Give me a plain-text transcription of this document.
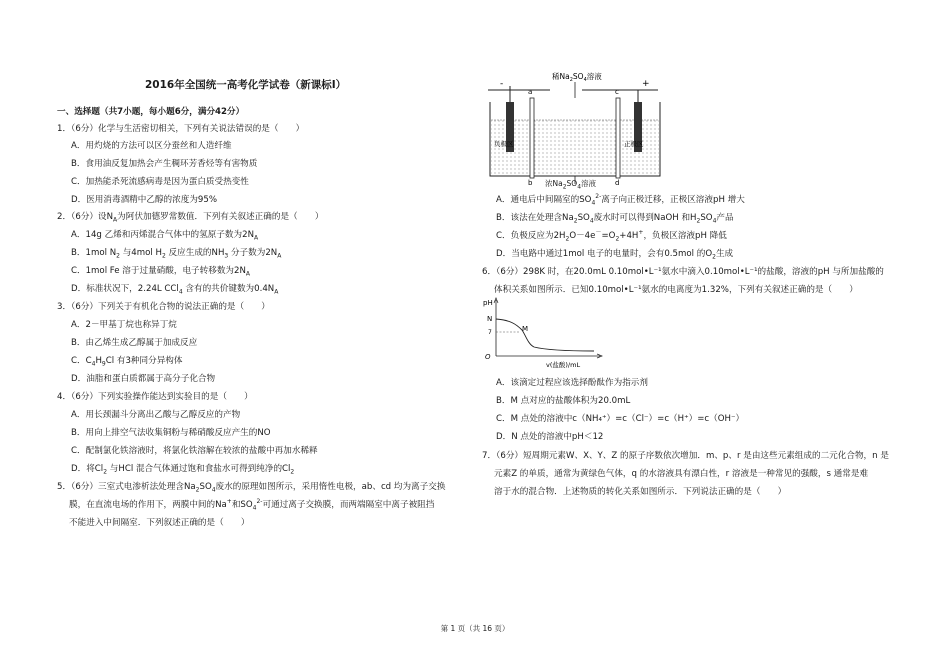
2016年全国统一高考化学试卷（新课标Ⅰ）
一、选择题（共7小题，每小题6分，满分42分）
1．（6分）化学与生活密切相关，下列有关说法错误的是（　　）
A．用灼烧的方法可以区分蚕丝和人造纤维
B．食用油反复加热会产生稠环芳香烃等有害物质
C．加热能杀死流感病毒是因为蛋白质受热变性
D．医用消毒酒精中乙醇的浓度为95%
2．（6分）设$N_A$为阿伏加德罗常数值．下列有关叙述正确的是（　　）
A．14g 乙烯和丙烯混合气体中的氢原子数为$2N_A$
B．1mol $N_2$ 与4mol $H_2$ 反应生成的$NH_3$ 分子数为$2N_A$
C．1mol Fe 溶于过量硝酸，电子转移数为$2N_A$
D．标准状况下，2.24L CCl$_4$ 含有的共价键数为$0.4N_A$
3．（6分）下列关于有机化合物的说法正确的是（　　）
A．2－甲基丁烷也称异丁烷
B．由乙烯生成乙醇属于加成反应
C．$C_4H_9Cl$ 有3种同分异构体
D．油脂和蛋白质都属于高分子化合物
4．（6分）下列实验操作能达到实验目的是（　　）
A．用长颈漏斗分离出乙酸与乙醇反应的产物
B．用向上排空气法收集铜粉与稀硝酸反应产生的NO
C．配制氯化铁溶液时，将氯化铁溶解在较浓的盐酸中再加水稀释
D．将$Cl_2$ 与HCl 混合气体通过饱和食盐水可得到纯净的$Cl_2$
5．（6分）三室式电渗析法处理含$Na_2SO_4$废水的原理如图所示，采用惰性电极，ab、cd 均为离子交换
膜，在直流电场的作用下，两膜中间的Na+和$SO_4^{2-}$可通过离子交换膜，而两端隔室中离子被阻挡
不能进入中间隔室．下列叙述正确的是（　　）
-	+
稀$Na_2SO_4$溶液
a	c
b	d
负极区	正极区
浓$Na_2SO_4$溶液
A．通电后中间隔室的$SO_4^{2-}$离子向正极迁移，正极区溶液pH 增大
B．该法在处理含$Na_2SO_4$废水时可以得到NaOH 和$H_2SO_4$产品
C．负极反应为$2H_2O-4e^-=O_2+4H^+$，负极区溶液pH 降低
D．当电路中通过1mol 电子的电量时，会有0.5mol 的$O_2$生成
6．（6分）298K 时，在20.0mL 0.10mol•L⁻¹氨水中滴入0.10mol•L⁻¹的盐酸，溶液的pH 与所加盐酸的
体积关系如图所示．已知0.10mol•L⁻¹氨水的电离度为1.32%，下列有关叙述正确的是（　　）
pH
v(盐酸)/mL
N
7
O
M
A．该滴定过程应该选择酚酞作为指示剂
B．M 点对应的盐酸体积为20.0mL
C．M 点处的溶液中c（NH₄⁺）=c（Cl⁻）=c（H⁺）=c（OH⁻）
D．N 点处的溶液中pH＜12
7．（6分）短周期元素W、X、Y、Z 的原子序数依次增加．m、p、r 是由这些元素组成的二元化合物，n 是
元素Z 的单质，通常为黄绿色气体，q 的水溶液具有漂白性，r 溶液是一种常见的强酸，s 通常是难
溶于水的混合物．上述物质的转化关系如图所示．下列说法正确的是（　　）
第 1 页（共 16 页）
